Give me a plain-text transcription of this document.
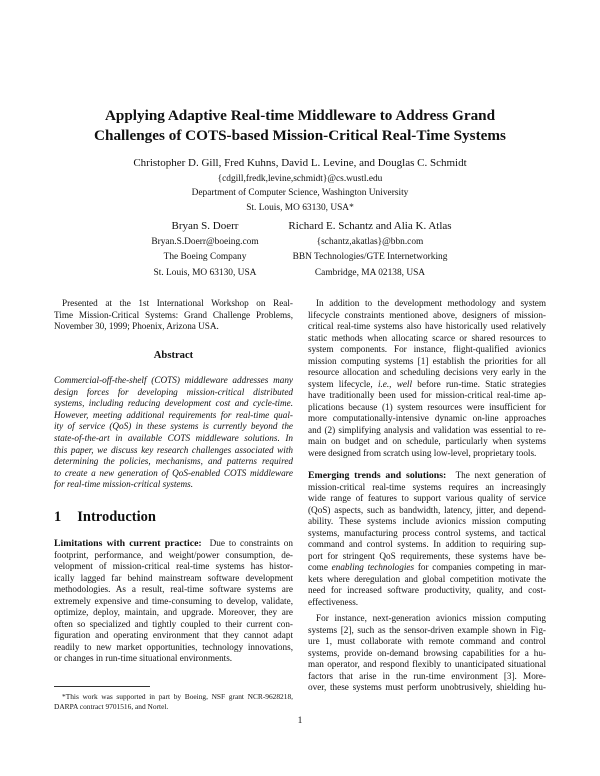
Applying Adaptive Real-time Middleware to Address Grand
Challenges of COTS-based Mission-Critical Real-Time Systems
Christopher D. Gill, Fred Kuhns, David L. Levine, and Douglas C. Schmidt
{cdgill,fredk,levine,schmidt}@cs.wustl.edu
Department of Computer Science, Washington University
St. Louis, MO 63130, USA*
Bryan S. Doerr
Bryan.S.Doerr@boeing.com
The Boeing Company
St. Louis, MO 63130, USA
Richard E. Schantz and Alia K. Atlas
{schantz,akatlas}@bbn.com
BBN Technologies/GTE Internetworking
Cambridge, MA 02138, USA
Presented at the 1st International Workshop on Real-
Time Mission-Critical Systems: Grand Challenge Problems,
November 30, 1999; Phoenix, Arizona USA.
Abstract
Commercial-off-the-shelf (COTS) middleware addresses many
design forces for developing mission-critical distributed
systems, including reducing development cost and cycle-time.
However, meeting additional requirements for real-time qual-
ity of service (QoS) in these systems is currently beyond the
state-of-the-art in available COTS middleware solutions. In
this paper, we discuss key research challenges associated with
determining the policies, mechanisms, and patterns required
to create a new generation of QoS-enabled COTS middleware
for real-time mission-critical systems.
1 Introduction
Limitations with current practice: Due to constraints on
footprint, performance, and weight/power consumption, de-
velopment of mission-critical real-time systems has histor-
ically lagged far behind mainstream software development
methodologies. As a result, real-time software systems are
extremely expensive and time-consuming to develop, validate,
optimize, deploy, maintain, and upgrade. Moreover, they are
often so specialized and tightly coupled to their current con-
figuration and operating environment that they cannot adapt
readily to new market opportunities, technology innovations,
or changes in run-time situational environments.
*This work was supported in part by Boeing, NSF grant NCR-9628218,
DARPA contract 9701516, and Nortel.
In addition to the development methodology and system
lifecycle constraints mentioned above, designers of mission-
critical real-time systems also have historically used relatively
static methods when allocating scarce or shared resources to
system components. For instance, flight-qualified avionics
mission computing systems [1] establish the priorities for all
resource allocation and scheduling decisions very early in the
system lifecycle, i.e., well before run-time. Static strategies
have traditionally been used for mission-critical real-time ap-
plications because (1) system resources were insufficient for
more computationally-intensive dynamic on-line approaches
and (2) simplifying analysis and validation was essential to re-
main on budget and on schedule, particularly when systems
were designed from scratch using low-level, proprietary tools.
Emerging trends and solutions: The next generation of
mission-critical real-time systems requires an increasingly
wide range of features to support various quality of service
(QoS) aspects, such as bandwidth, latency, jitter, and depend-
ability. These systems include avionics mission computing
systems, manufacturing process control systems, and tactical
command and control systems. In addition to requiring sup-
port for stringent QoS requirements, these systems have be-
come enabling technologies for companies competing in mar-
kets where deregulation and global competition motivate the
need for increased software productivity, quality, and cost-
effectiveness.
For instance, next-generation avionics mission computing
systems [2], such as the sensor-driven example shown in Fig-
ure 1, must collaborate with remote command and control
systems, provide on-demand browsing capabilities for a hu-
man operator, and respond flexibly to unanticipated situational
factors that arise in the run-time environment [3]. More-
over, these systems must perform unobtrusively, shielding hu-
1
